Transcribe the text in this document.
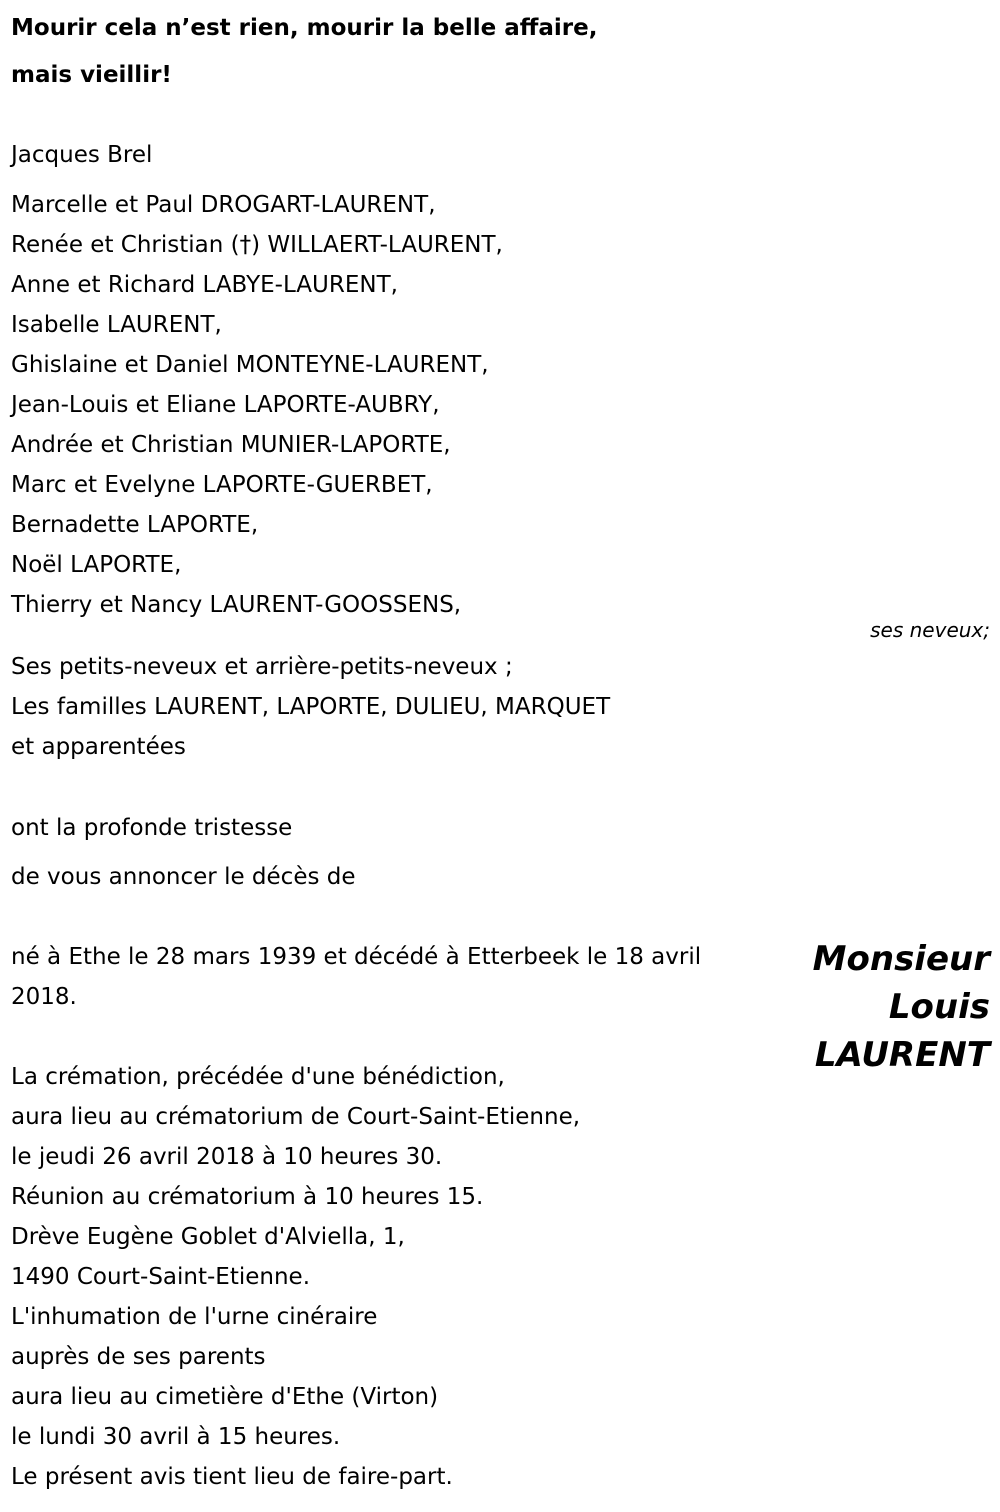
Mourir cela n’est rien, mourir la belle affaire,
mais vieillir!
Jacques Brel
Marcelle et Paul DROGART-LAURENT,
Renée et Christian (†) WILLAERT-LAURENT,
Anne et Richard LABYE-LAURENT,
Isabelle LAURENT,
Ghislaine et Daniel MONTEYNE-LAURENT,
Jean-Louis et Eliane LAPORTE-AUBRY,
Andrée et Christian MUNIER-LAPORTE,
Marc et Evelyne LAPORTE-GUERBET,
Bernadette LAPORTE,
Noël LAPORTE,
Thierry et Nancy LAURENT-GOOSSENS,
ses neveux;
Ses petits-neveux et arrière-petits-neveux ;
Les familles LAURENT, LAPORTE, DULIEU, MARQUET
et apparentées
ont la profonde tristesse
de vous annoncer le décès de
né à Ethe le 28 mars 1939 et décédé à Etterbeek le 18 avril 2018.
Monsieur
Louis
LAURENT
La crémation, précédée d'une bénédiction,
aura lieu au crématorium de Court-Saint-Etienne,
le jeudi 26 avril 2018 à 10 heures 30.
Réunion au crématorium à 10 heures 15.
Drève Eugène Goblet d'Alviella, 1,
1490 Court-Saint-Etienne.
L'inhumation de l'urne cinéraire
auprès de ses parents
aura lieu au cimetière d'Ethe (Virton)
le lundi 30 avril à 15 heures.
Le présent avis tient lieu de faire-part.
